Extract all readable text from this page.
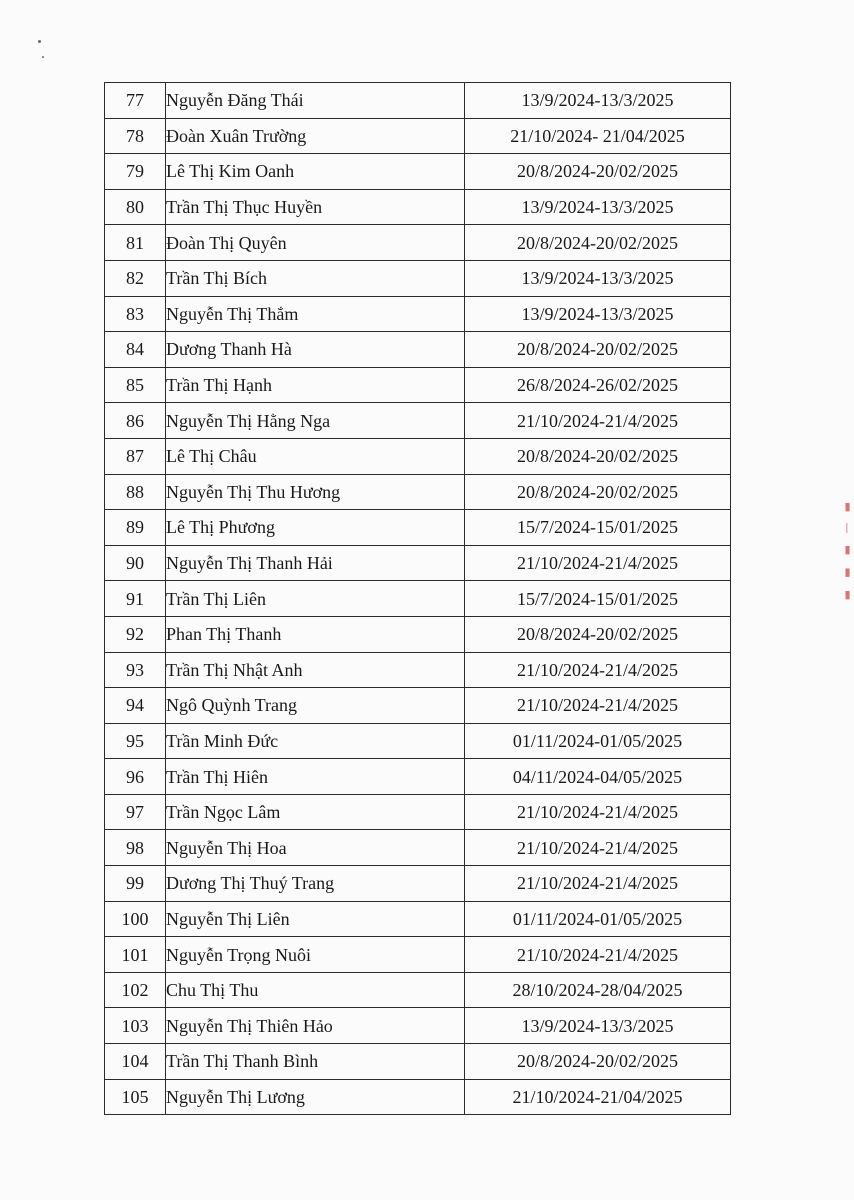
77	Nguyễn Đăng Thái	13/9/2024-13/3/2025
78	Đoàn Xuân Trường	21/10/2024- 21/04/2025
79	Lê Thị Kim Oanh	20/8/2024-20/02/2025
80	Trần Thị Thục Huyền	13/9/2024-13/3/2025
81	Đoàn Thị Quyên	20/8/2024-20/02/2025
82	Trần Thị Bích	13/9/2024-13/3/2025
83	Nguyễn Thị Thắm	13/9/2024-13/3/2025
84	Dương Thanh Hà	20/8/2024-20/02/2025
85	Trần Thị Hạnh	26/8/2024-26/02/2025
86	Nguyễn Thị Hằng Nga	21/10/2024-21/4/2025
87	Lê Thị Châu	20/8/2024-20/02/2025
88	Nguyễn Thị Thu Hương	20/8/2024-20/02/2025
89	Lê Thị Phương	15/7/2024-15/01/2025
90	Nguyễn Thị Thanh Hải	21/10/2024-21/4/2025
91	Trần Thị Liên	15/7/2024-15/01/2025
92	Phan Thị Thanh	20/8/2024-20/02/2025
93	Trần Thị Nhật Anh	21/10/2024-21/4/2025
94	Ngô Quỳnh Trang	21/10/2024-21/4/2025
95	Trần Minh Đức	01/11/2024-01/05/2025
96	Trần Thị Hiên	04/11/2024-04/05/2025
97	Trần Ngọc Lâm	21/10/2024-21/4/2025
98	Nguyễn Thị Hoa	21/10/2024-21/4/2025
99	Dương Thị Thuý Trang	21/10/2024-21/4/2025
100	Nguyễn Thị Liên	01/11/2024-01/05/2025
101	Nguyễn Trọng Nuôi	21/10/2024-21/4/2025
102	Chu Thị Thu	28/10/2024-28/04/2025
103	Nguyễn Thị Thiên Hảo	13/9/2024-13/3/2025
104	Trần Thị Thanh Bình	20/8/2024-20/02/2025
105	Nguyễn Thị Lương	21/10/2024-21/04/2025
▮ — ▮ ▮ ▮
